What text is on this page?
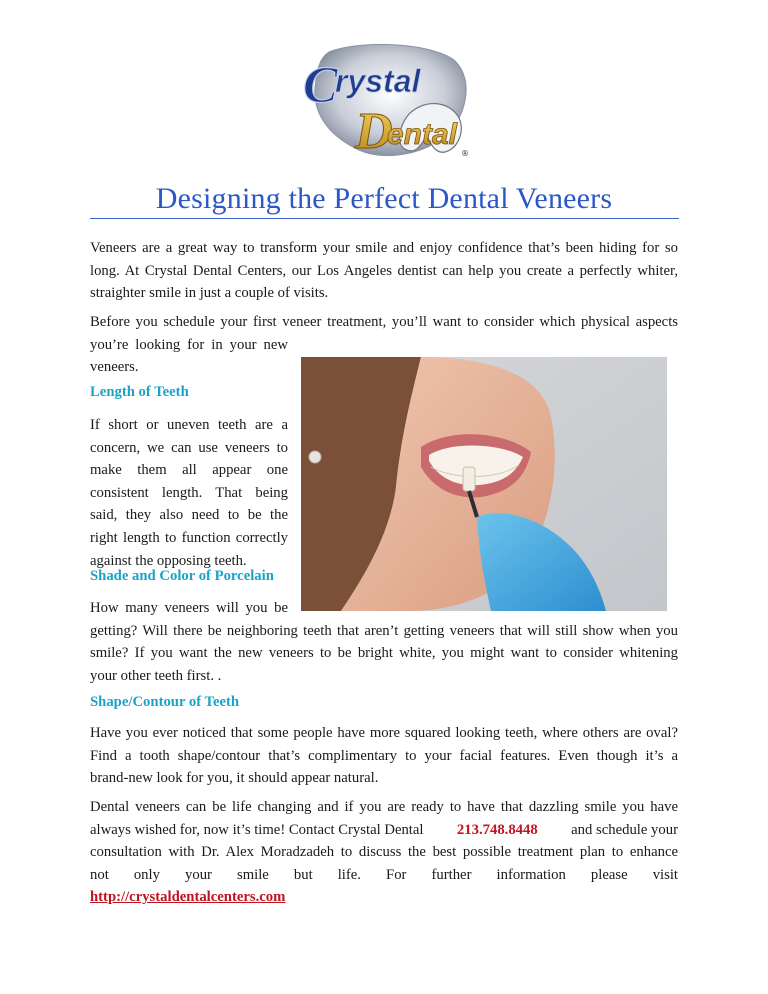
C
rystal
D
ental
®
Designing the Perfect Dental Veneers
Veneers are a great way to transform your smile and enjoy confidence that’s been hiding for so
long. At Crystal Dental Centers, our Los Angeles dentist can help you create a perfectly whiter,
straighter smile in just a couple of visits.
Before you schedule your first veneer treatment, you’ll want to consider which physical aspects
you’re looking for in your new
veneers.
Length of Teeth
If short or uneven teeth are a
concern, we can use veneers to
make them all appear one
consistent length. That being
said, they also need to be the
right length to function correctly
against the opposing teeth.
Shade and Color of Porcelain
How many veneers will you be
getting? Will there be neighboring teeth that aren’t getting veneers that will still show when you
smile? If you want the new veneers to be bright white, you might want to consider whitening
your other teeth first. .
Shape/Contour of Teeth
Have you ever noticed that some people have more squared looking teeth, where others are oval?
Find a tooth shape/contour that’s complimentary to your facial features. Even though it’s a
brand-new look for you, it should appear natural.
Dental veneers can be life changing and if you are ready to have that dazzling smile you have
always wished for, now it’s time! Contact Crystal Dental 213.748.8448 and schedule your
consultation with Dr. Alex Moradzadeh to discuss the best possible treatment plan to enhance
not only your smile but life. For further information please visit
http://crystaldentalcenters.com
